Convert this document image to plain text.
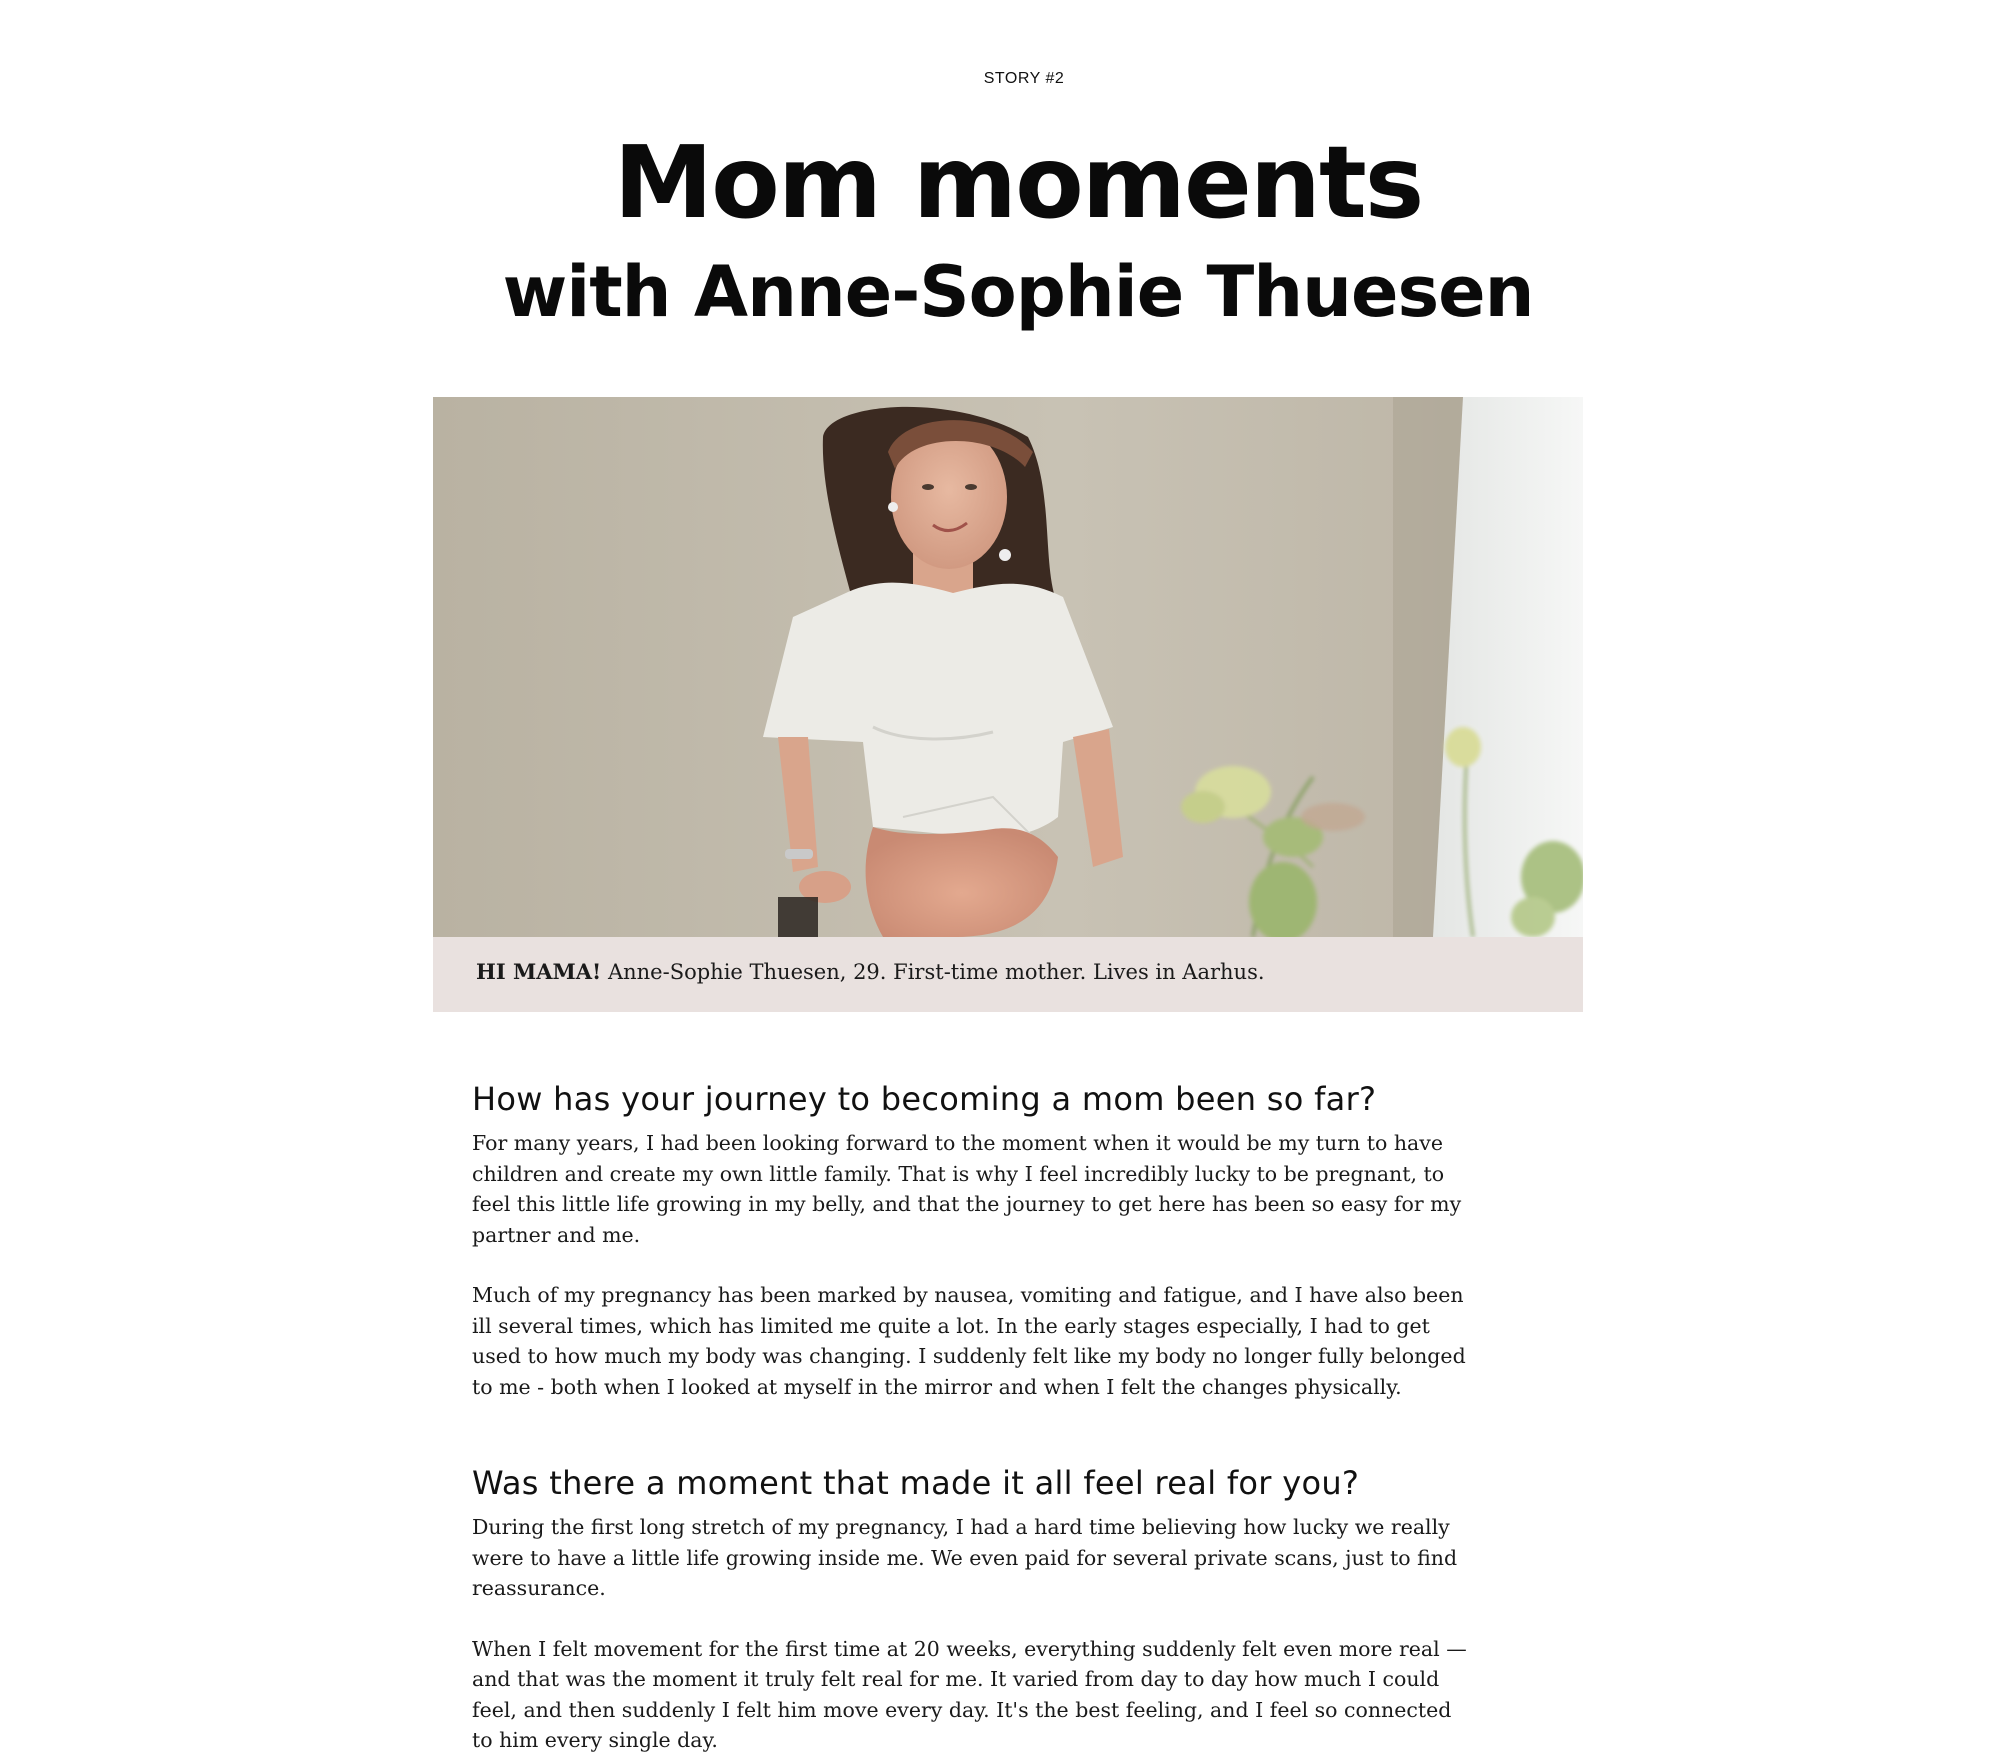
STORY #2
Mom moments
with Anne-Sophie Thuesen
HI MAMA! Anne-Sophie Thuesen, 29. First-time mother. Lives in Aarhus.
How has your journey to becoming a mom been so far?

For many years, I had been looking forward to the moment when it would be my turn to have children and create my own little family. That is why I feel incredibly lucky to be pregnant, to feel this little life growing in my belly, and that the journey to get here has been so easy for my partner and me.

Much of my pregnancy has been marked by nausea, vomiting and fatigue, and I have also been ill several times, which has limited me quite a lot. In the early stages especially, I had to get used to how much my body was changing. I suddenly felt like my body no longer fully belonged to me - both when I looked at myself in the mirror and when I felt the changes physically.

Was there a moment that made it all feel real for you?

During the first long stretch of my pregnancy, I had a hard time believing how lucky we really were to have a little life growing inside me. We even paid for several private scans, just to find reassurance.

When I felt movement for the first time at 20 weeks, everything suddenly felt even more real — and that was the moment it truly felt real for me. It varied from day to day how much I could feel, and then suddenly I felt him move every day. It's the best feeling, and I feel so connected to him every single day.
